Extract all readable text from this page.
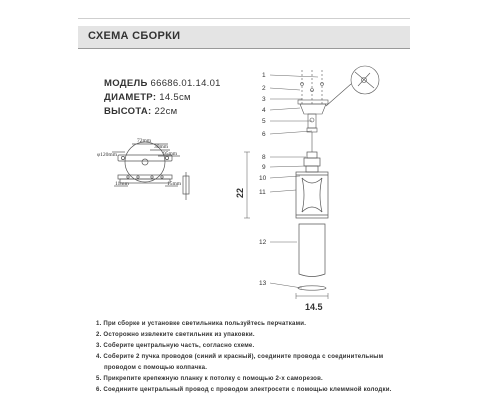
СХЕМА СБОРКИ
МОДЕЛЬ 66686.01.14.01
ДИАМЕТР: 14.5см
ВЫСОТА: 22см
72mm
30mm
95mm
φ120mm
11mm	15mm
1
2
3
4
5
6
8
9
10
11
12
13
22
14.5
1. При сборке и установке светильника пользуйтесь перчатками.
2. Осторожно извлеките светильник из упаковки.
3. Соберите центральную часть, согласно схеме.
4. Соберите 2 пучка проводов (синий и красный), соедините провода с соединительным
проводом с помощью колпачка.
5. Прикрепите крепежную планку к потолку с помощью 2-х саморезов.
6. Соедините центральный провод с проводом электросети с помощью клеммной колодки.
